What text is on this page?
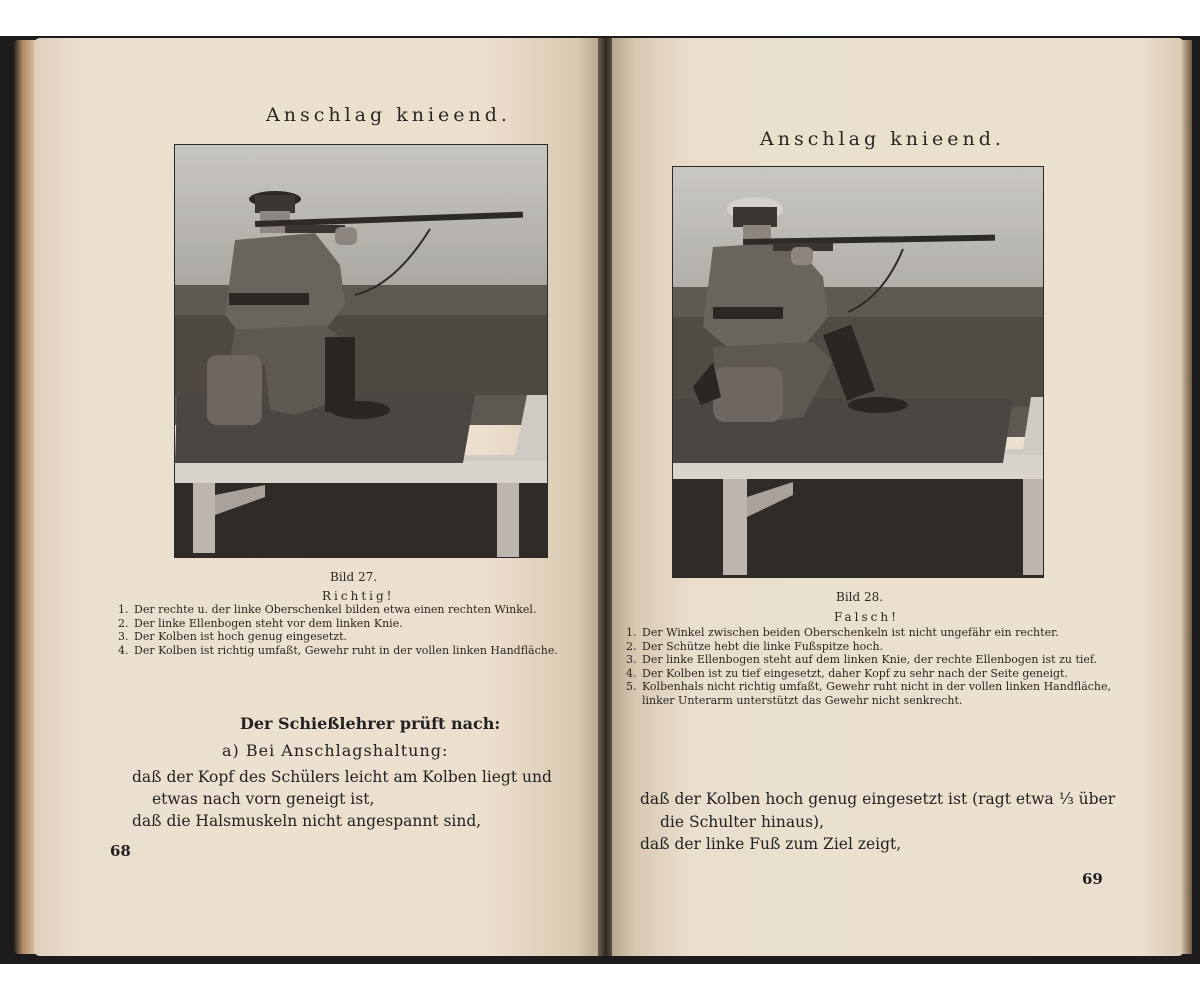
Anschlag knieend.
Bild 27.
Richtig!
1. Der rechte u. der linke Oberschenkel bilden etwa einen rechten Winkel.
2. Der linke Ellenbogen steht vor dem linken Knie.
3. Der Kolben ist hoch genug eingesetzt.
4. Der Kolben ist richtig umfaßt, Gewehr ruht in der vollen linken Handfläche.
Der Schießlehrer prüft nach:
a) Bei Anschlagshaltung:
daß der Kopf des Schülers leicht am Kolben liegt und
etwas nach vorn geneigt ist,
daß die Halsmuskeln nicht angespannt sind,
68
Anschlag knieend.
Bild 28.
Falsch!
1. Der Winkel zwischen beiden Oberschenkeln ist nicht ungefähr ein rechter.
2. Der Schütze hebt die linke Fußspitze hoch.
3. Der linke Ellenbogen steht auf dem linken Knie, der rechte Ellenbogen ist zu tief.
4. Der Kolben ist zu tief eingesetzt, daher Kopf zu sehr nach der Seite geneigt.
5. Kolbenhals nicht richtig umfaßt, Gewehr ruht nicht in der vollen linken Handfläche, linker Unterarm unterstützt das Gewehr nicht senkrecht.
daß der Kolben hoch genug eingesetzt ist (ragt etwa ⅓ über
die Schulter hinaus),
daß der linke Fuß zum Ziel zeigt,
69
